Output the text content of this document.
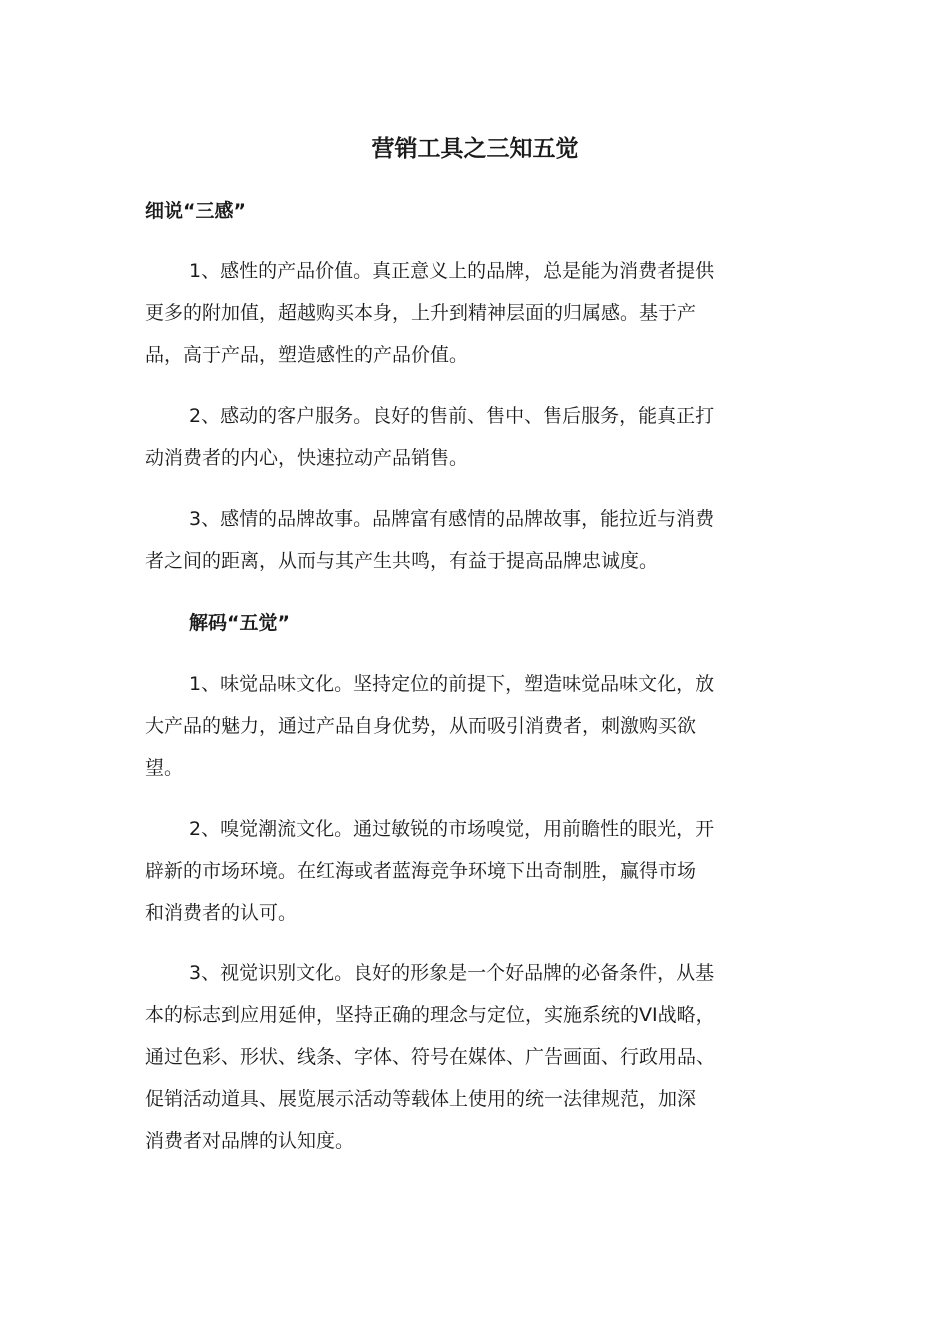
营销工具之三知五觉
细说“三感”
1、感性的产品价值。真正意义上的品牌，总是能为消费者提供
更多的附加值，超越购买本身，上升到精神层面的归属感。基于产
品，高于产品，塑造感性的产品价值。
2、感动的客户服务。良好的售前、售中、售后服务，能真正打
动消费者的内心，快速拉动产品销售。
3、感情的品牌故事。品牌富有感情的品牌故事，能拉近与消费
者之间的距离，从而与其产生共鸣，有益于提高品牌忠诚度。
解码“五觉”
1、味觉品味文化。坚持定位的前提下，塑造味觉品味文化，放
大产品的魅力，通过产品自身优势，从而吸引消费者，刺激购买欲
望。
2、嗅觉潮流文化。通过敏锐的市场嗅觉，用前瞻性的眼光，开
辟新的市场环境。在红海或者蓝海竞争环境下出奇制胜，赢得市场
和消费者的认可。
3、视觉识别文化。良好的形象是一个好品牌的必备条件，从基
本的标志到应用延伸，坚持正确的理念与定位，实施系统的VI战略，
通过色彩、形状、线条、字体、符号在媒体、广告画面、行政用品、
促销活动道具、展览展示活动等载体上使用的统一法律规范，加深
消费者对品牌的认知度。
